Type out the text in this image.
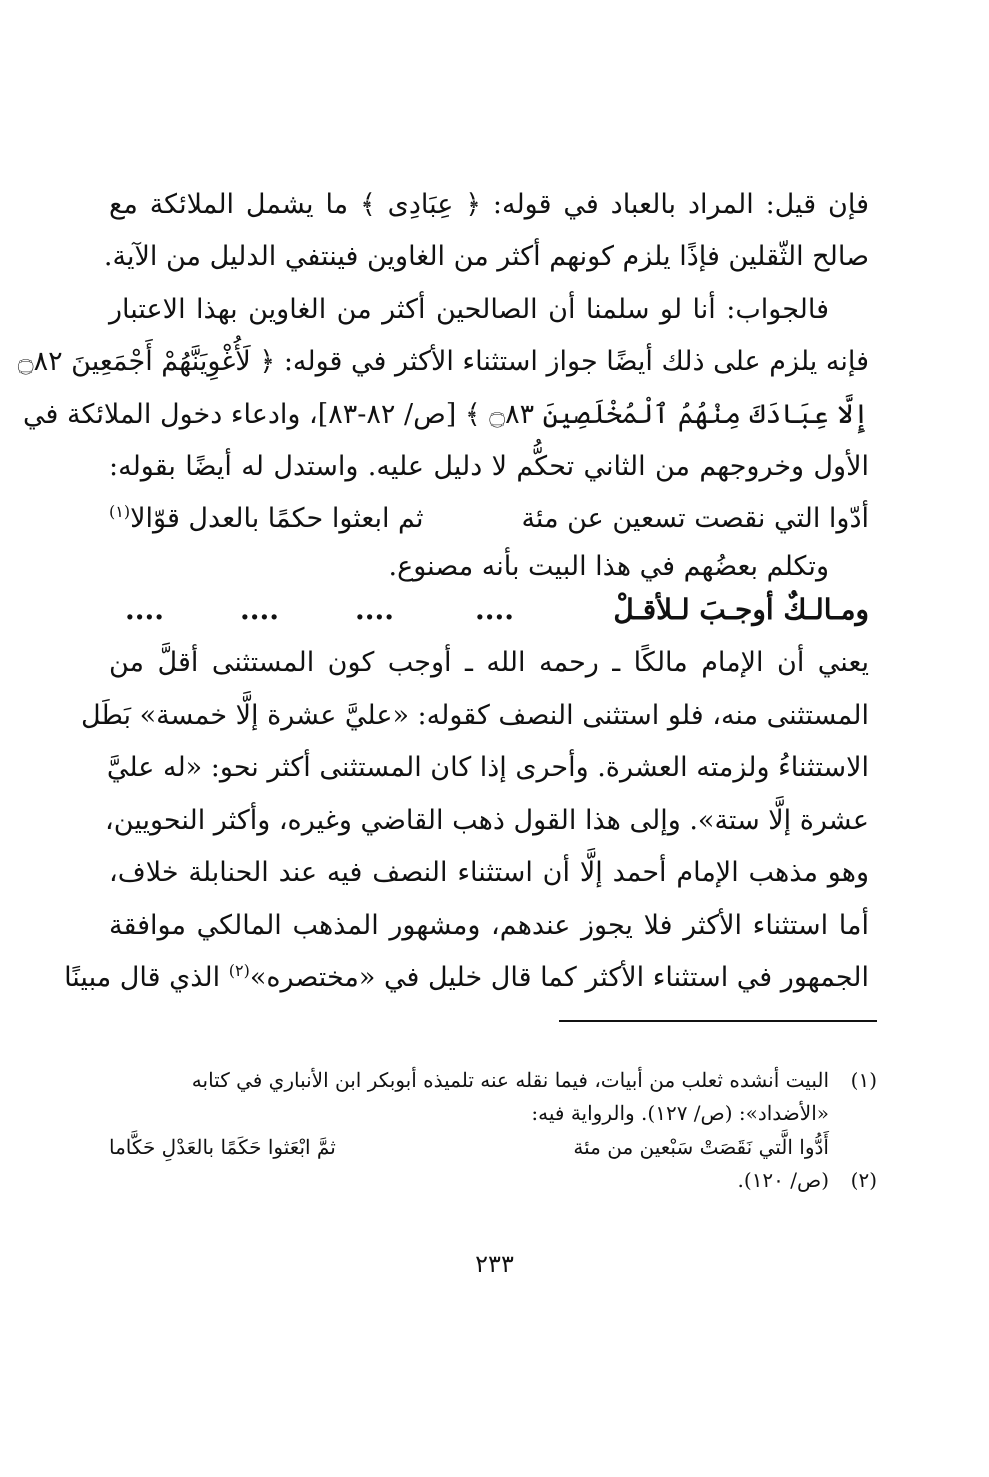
فإن قيل: المراد بالعباد في قوله: ﴿ عِبَادِى ﴾ ما يشمل الملائكة مع
صالح الثّقلين فإذًا يلزم كونهم أكثر من الغاوين فينتفي الدليل من الآية.
فالجواب: أنا لو سلمنا أن الصالحين أكثر من الغاوين بهذا الاعتبار
فإنه يلزم على ذلك أيضًا جواز استثناء الأكثر في قوله: ﴿ لَأُغْوِيَنَّهُمْ أَجْمَعِينَ ۝٨٢
إِلَّا عِبَادَكَ مِنْهُمُ ٱلْمُخْلَصِينَ ۝٨٣ ﴾ [ص/ ٨٢-٨٣]، وادعاء دخول الملائكة في
الأول وخروجهم من الثاني تحكُّم لا دليل عليه. واستدل له أيضًا بقوله:
أدّوا التي نقصت تسعين عن مئة
ثم ابعثوا حكمًا بالعدل قوّالا$^{(١)}$
وتكلم بعضُهم في هذا البيت بأنه مصنوع.
ومـالـكٌ أوجـبَ لـلأقـلْ
....
....
....
....
يعني أن الإمام مالكًا ـ رحمه الله ـ أوجب كون المستثنى أقلَّ من
المستثنى منه، فلو استثنى النصف كقوله: «عليَّ عشرة إلَّا خمسة» بَطَل
الاستثناءُ ولزمته العشرة. وأحرى إذا كان المستثنى أكثر نحو: «له عليَّ
عشرة إلَّا ستة». وإلى هذا القول ذهب القاضي وغيره، وأكثر النحويين،
وهو مذهب الإمام أحمد إلَّا أن استثناء النصف فيه عند الحنابلة خلاف،
أما استثناء الأكثر فلا يجوز عندهم، ومشهور المذهب المالكي موافقة
الجمهور في استثناء الأكثر كما قال خليل في «مختصره»$^{(٢)}$ الذي قال مبينًا
(١)البيت أنشده ثعلب من أبيات، فيما نقله عنه تلميذه أبوبكر ابن الأنباري في كتابه
«الأضداد»: (ص/ ١٢٧). والرواية فيه:
أَدُّوا الَّتي نَقَصَتْ سَبْعين من مئة
ثمَّ ابْعَثوا حَكَمًا بالعَدْلِ حَكَّاما
(٢)(ص/ ١٢٠).
٢٣٣
